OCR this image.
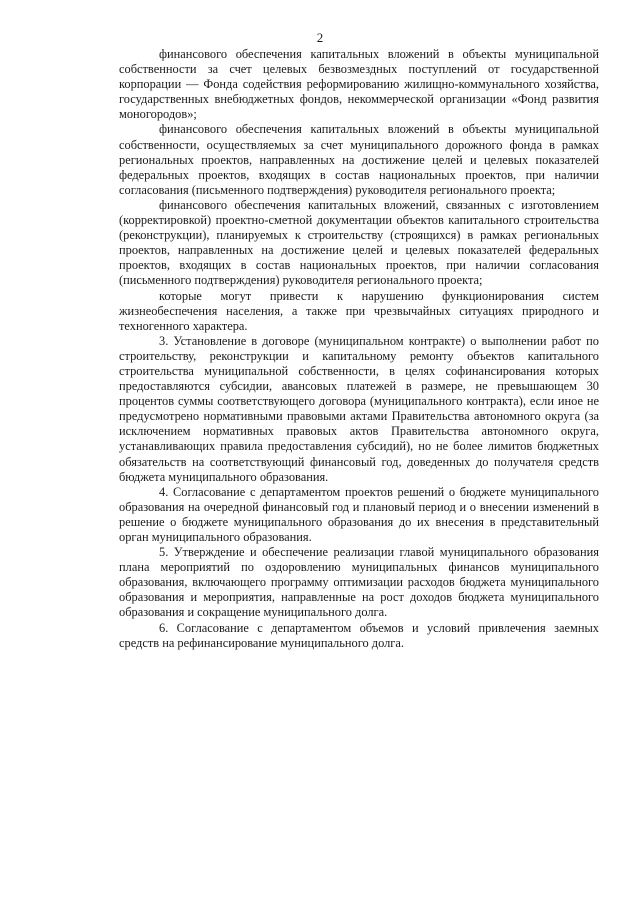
2

финансового обеспечения капитальных вложений в объекты муниципальной собственности за счет целевых безвозмездных поступлений от государственной корпорации — Фонда содействия реформированию жилищно-коммунального хозяйства, государственных внебюджетных фондов, некоммерческой организации «Фонд развития моногородов»;

финансового обеспечения капитальных вложений в объекты муниципальной собственности, осуществляемых за счет муниципального дорожного фонда в рамках региональных проектов, направленных на достижение целей и целевых показателей федеральных проектов, входящих в состав национальных проектов, при наличии согласования (письменного подтверждения) руководителя регионального проекта;

финансового обеспечения капитальных вложений, связанных с изготовлением (корректировкой) проектно-сметной документации объектов капитального строительства (реконструкции), планируемых к строительству (строящихся) в рамках региональных проектов, направленных на достижение целей и целевых показателей федеральных проектов, входящих в состав национальных проектов, при наличии согласования (письменного подтверждения) руководителя регионального проекта;

которые могут привести к нарушению функционирования систем жизнеобеспечения населения, а также при чрезвычайных ситуациях природного и техногенного характера.

3. Установление в договоре (муниципальном контракте) о выполнении работ по строительству, реконструкции и капитальному ремонту объектов капитального строительства муниципальной собственности, в целях софинансирования которых предоставляются субсидии, авансовых платежей в размере, не превышающем 30 процентов суммы соответствующего договора (муниципального контракта), если иное не предусмотрено нормативными правовыми актами Правительства автономного округа (за исключением нормативных правовых актов Правительства автономного округа, устанавливающих правила предоставления субсидий), но не более лимитов бюджетных обязательств на соответствующий финансовый год, доведенных до получателя средств бюджета муниципального образования.

4. Согласование с департаментом проектов решений о бюджете муниципального образования на очередной финансовый год и плановый период и о внесении изменений в решение о бюджете муниципального образования до их внесения в представительный орган муниципального образования.

5. Утверждение и обеспечение реализации главой муниципального образования плана мероприятий по оздоровлению муниципальных финансов муниципального образования, включающего программу оптимизации расходов бюджета муниципального образования и мероприятия, направленные на рост доходов бюджета муниципального образования и сокращение муниципального долга.

6. Согласование с департаментом объемов и условий привлечения заемных средств на рефинансирование муниципального долга.
